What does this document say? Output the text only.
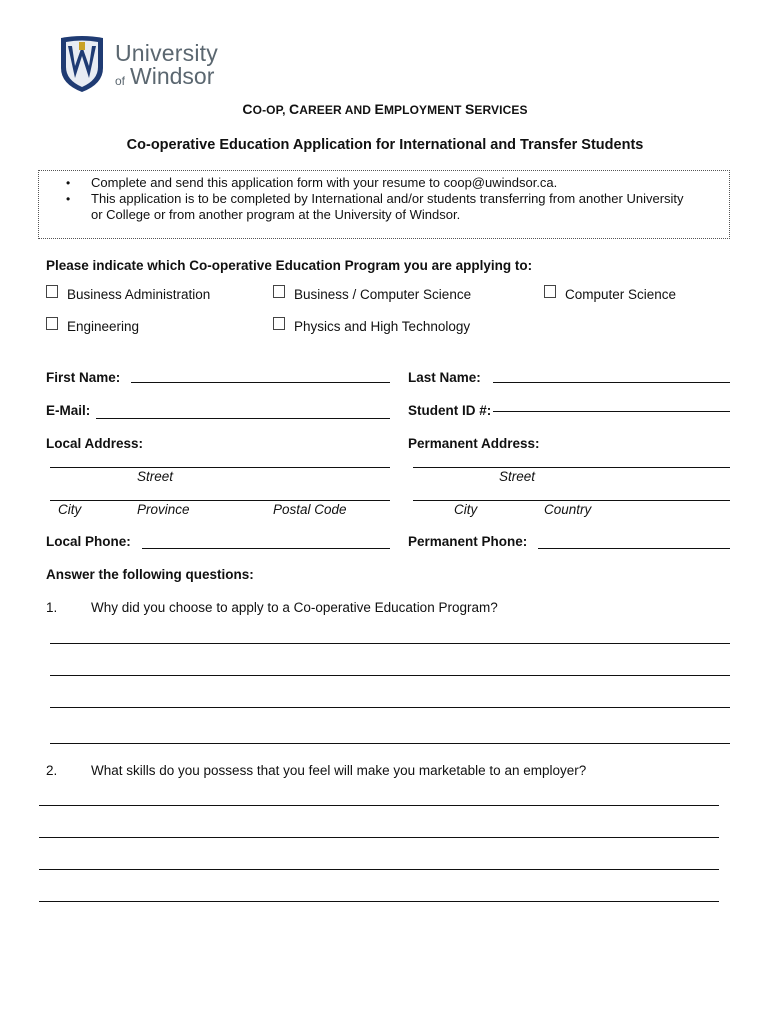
University
of Windsor
CO-OP, CAREER AND EMPLOYMENT SERVICES
Co-operative Education Application for International and Transfer Students
• Complete and send this application form with your resume to coop@uwindsor.ca.
• This application is to be completed by International and/or students transferring from another University
or College or from another program at the University of Windsor.
Please indicate which Co-operative Education Program you are applying to:
Business Administration	Business / Computer Science	Computer Science
Engineering	Physics and High Technology
First Name:	Last Name:
E-Mail:	Student ID #:
Local Address:	Permanent Address:
Street	Street
City	Province	Postal Code	City	Country
Local Phone:	Permanent Phone:
Answer the following questions:
1. Why did you choose to apply to a Co-operative Education Program?
2. What skills do you possess that you feel will make you marketable to an employer?
